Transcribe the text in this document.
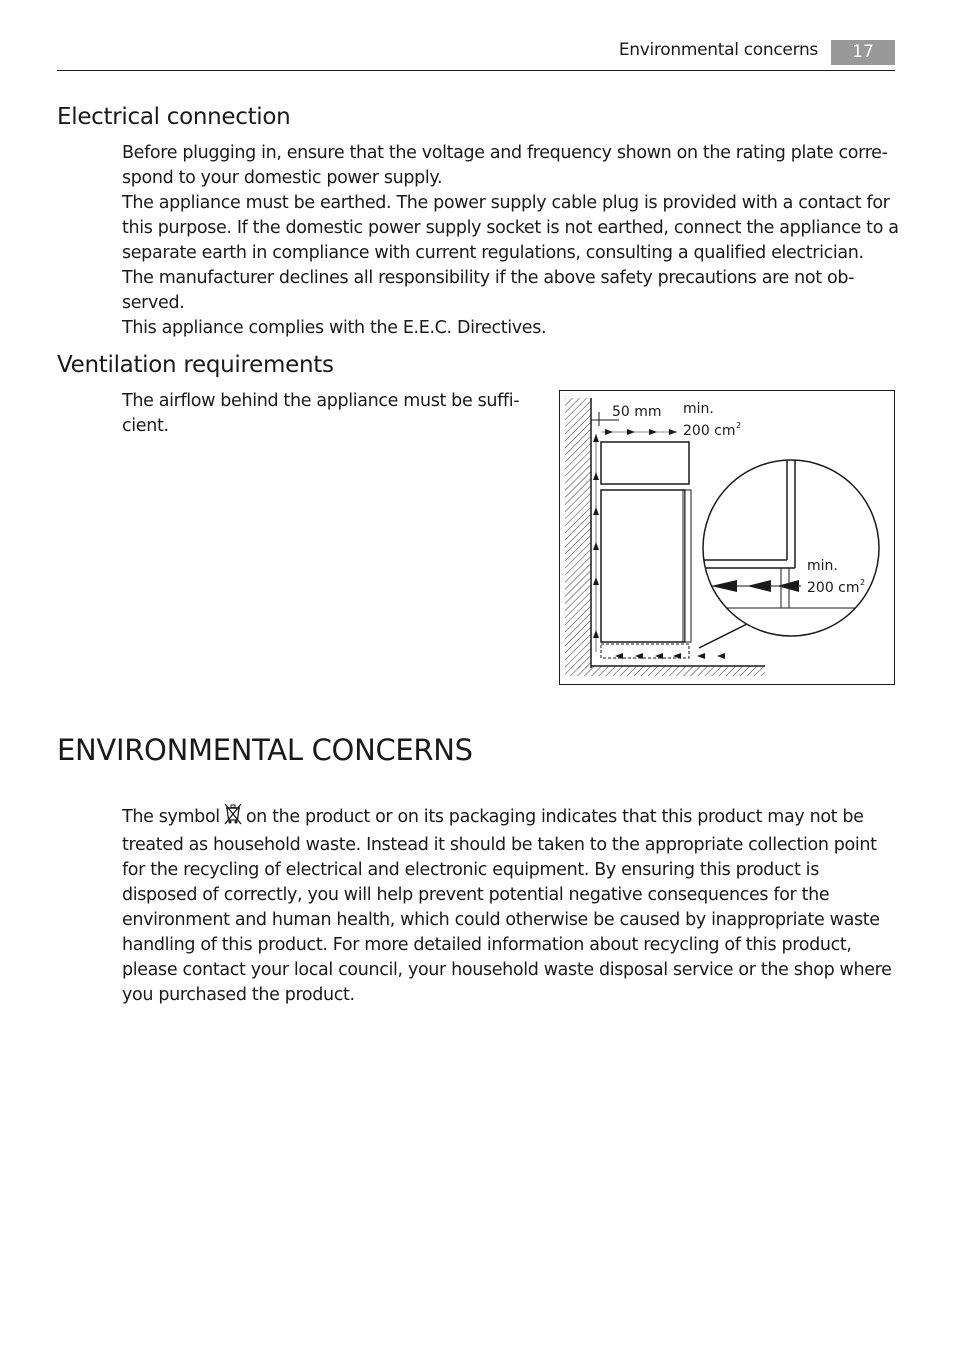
Environmental concerns	17
Electrical connection
Before plugging in, ensure that the voltage and frequency shown on the rating plate corre-
spond to your domestic power supply.
The appliance must be earthed. The power supply cable plug is provided with a contact for
this purpose. If the domestic power supply socket is not earthed, connect the appliance to a
separate earth in compliance with current regulations, consulting a qualified electrician.
The manufacturer declines all responsibility if the above safety precautions are not ob-
served.
This appliance complies with the E.E.C. Directives.
Ventilation requirements
The airflow behind the appliance must be suffi-
cient.
50 mm min.
200 cm 2
min.
200 cm 2
ENVIRONMENTAL CONCERNS
The symbol on the product or on its packaging indicates that this product may not be
treated as household waste. Instead it should be taken to the appropriate collection point
for the recycling of electrical and electronic equipment. By ensuring this product is
disposed of correctly, you will help prevent potential negative consequences for the
environment and human health, which could otherwise be caused by inappropriate waste
handling of this product. For more detailed information about recycling of this product,
please contact your local council, your household waste disposal service or the shop where
you purchased the product.
